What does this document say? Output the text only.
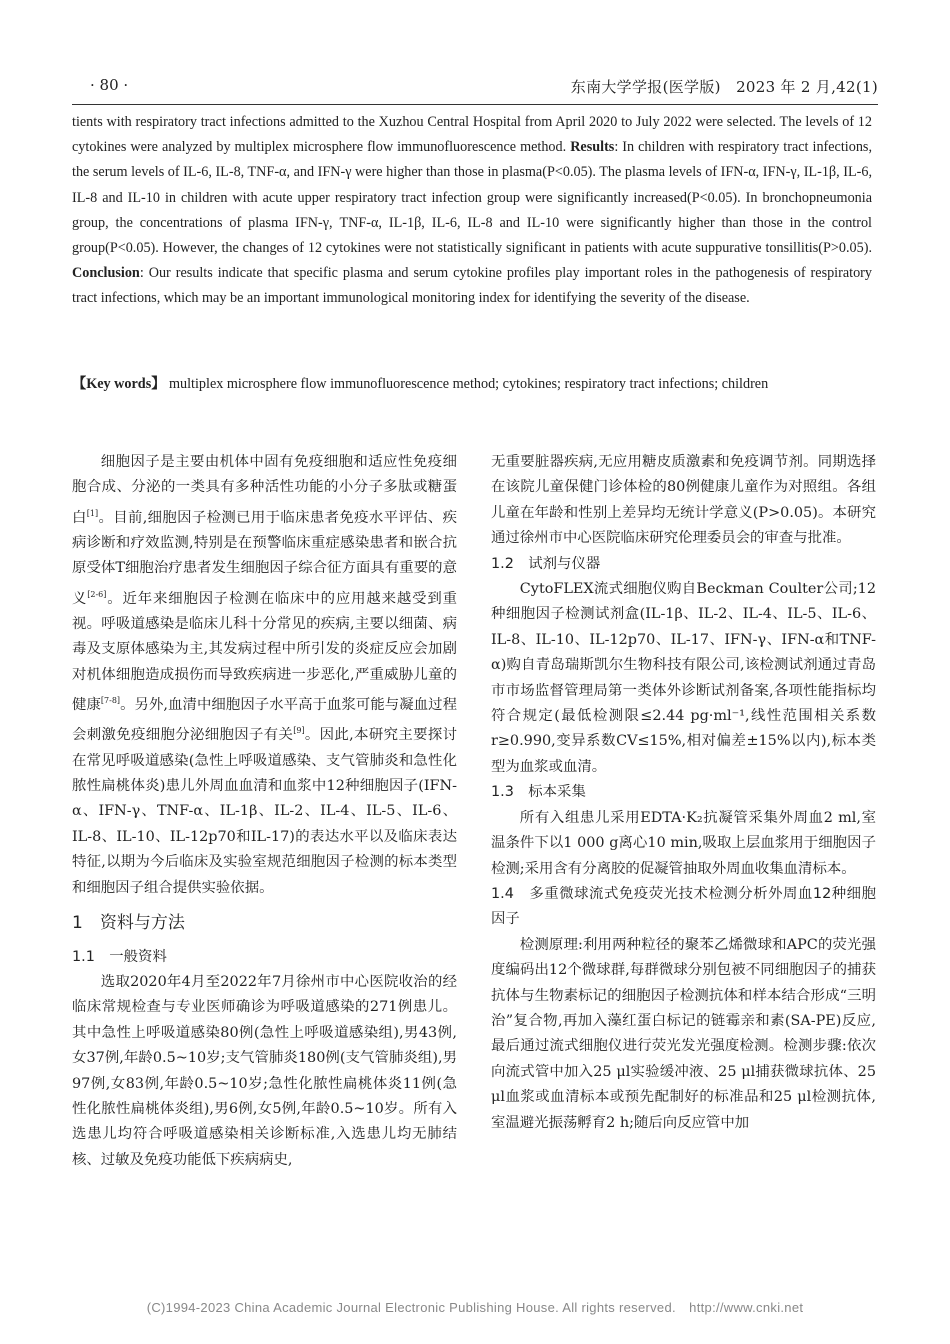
· 80 ·	东南大学学报(医学版)　2023 年 2 月,42(1)
tients with respiratory tract infections admitted to the Xuzhou Central Hospital from April 2020 to July 2022 were selected. The levels of 12 cytokines were analyzed by multiplex microsphere flow immunofluorescence method. Results: In children with respiratory tract infections, the serum levels of IL-6, IL-8, TNF-α, and IFN-γ were higher than those in plasma(P<0.05). The plasma levels of IFN-α, IFN-γ, IL-1β, IL-6, IL-8 and IL-10 in children with acute upper respiratory tract infection group were significantly increased(P<0.05). In bronchopneumonia group, the concentrations of plasma IFN-γ, TNF-α, IL-1β, IL-6, IL-8 and IL-10 were significantly higher than those in the control group(P<0.05). However, the changes of 12 cytokines were not statistically significant in patients with acute suppurative tonsillitis(P>0.05). Conclusion: Our results indicate that specific plasma and serum cytokine profiles play important roles in the pathogenesis of respiratory tract infections, which may be an important immunological monitoring index for identifying the severity of the disease.
【Key words】 multiplex microsphere flow immunofluorescence method; cytokines; respiratory tract infections; children

细胞因子是主要由机体中固有免疫细胞和适应性免疫细胞合成、分泌的一类具有多种活性功能的小分子多肽或糖蛋白[1]。目前,细胞因子检测已用于临床患者免疫水平评估、疾病诊断和疗效监测,特别是在预警临床重症感染患者和嵌合抗原受体T细胞治疗患者发生细胞因子综合征方面具有重要的意义[2-6]。近年来细胞因子检测在临床中的应用越来越受到重视。呼吸道感染是临床儿科十分常见的疾病,主要以细菌、病毒及支原体感染为主,其发病过程中所引发的炎症反应会加剧对机体细胞造成损伤而导致疾病进一步恶化,严重威胁儿童的健康[7-8]。另外,血清中细胞因子水平高于血浆可能与凝血过程会刺激免疫细胞分泌细胞因子有关[9]。因此,本研究主要探讨在常见呼吸道感染(急性上呼吸道感染、支气管肺炎和急性化脓性扁桃体炎)患儿外周血血清和血浆中12种细胞因子(IFN-α、IFN-γ、TNF-α、IL-1β、IL-2、IL-4、IL-5、IL-6、IL-8、IL-10、IL-12p70和IL-17)的表达水平以及临床表达特征,以期为今后临床及实验室规范细胞因子检测的标本类型和细胞因子组合提供实验依据。

1　资料与方法
1.1　一般资料

选取2020年4月至2022年7月徐州市中心医院收治的经临床常规检查与专业医师确诊为呼吸道感染的271例患儿。其中急性上呼吸道感染80例(急性上呼吸道感染组),男43例,女37例,年龄0.5~10岁;支气管肺炎180例(支气管肺炎组),男97例,女83例,年龄0.5~10岁;急性化脓性扁桃体炎11例(急性化脓性扁桃体炎组),男6例,女5例,年龄0.5~10岁。所有入选患儿均符合呼吸道感染相关诊断标准,入选患儿均无肺结核、过敏及免疫功能低下疾病病史,

无重要脏器疾病,无应用糖皮质激素和免疫调节剂。同期选择在该院儿童保健门诊体检的80例健康儿童作为对照组。各组儿童在年龄和性别上差异均无统计学意义(P>0.05)。本研究通过徐州市中心医院临床研究伦理委员会的审查与批准。

1.2　试剂与仪器

CytoFLEX流式细胞仪购自Beckman Coulter公司;12种细胞因子检测试剂盒(IL-1β、IL-2、IL-4、IL-5、IL-6、IL-8、IL-10、IL-12p70、IL-17、IFN-γ、IFN-α和TNF-α)购自青岛瑞斯凯尔生物科技有限公司,该检测试剂通过青岛市市场监督管理局第一类体外诊断试剂备案,各项性能指标均符合规定(最低检测限≤2.44 pg·ml⁻¹,线性范围相关系数r≥0.990,变异系数CV≤15%,相对偏差±15%以内),标本类型为血浆或血清。

1.3　标本采集

所有入组患儿采用EDTA·K₂抗凝管采集外周血2 ml,室温条件下以1 000 g离心10 min,吸取上层血浆用于细胞因子检测;采用含有分离胶的促凝管抽取外周血收集血清标本。

1.4　多重微球流式免疫荧光技术检测分析外周血12种细胞因子

检测原理:利用两种粒径的聚苯乙烯微球和APC的荧光强度编码出12个微球群,每群微球分别包被不同细胞因子的捕获抗体与生物素标记的细胞因子检测抗体和样本结合形成“三明治”复合物,再加入藻红蛋白标记的链霉亲和素(SA-PE)反应,最后通过流式细胞仪进行荧光发光强度检测。检测步骤:依次向流式管中加入25 μl实验缓冲液、25 μl捕获微球抗体、25 μl血浆或血清标本或预先配制好的标准品和25 μl检测抗体,室温避光振荡孵育2 h;随后向反应管中加

(C)1994-2023 China Academic Journal Electronic Publishing House. All rights reserved.　http://www.cnki.net
